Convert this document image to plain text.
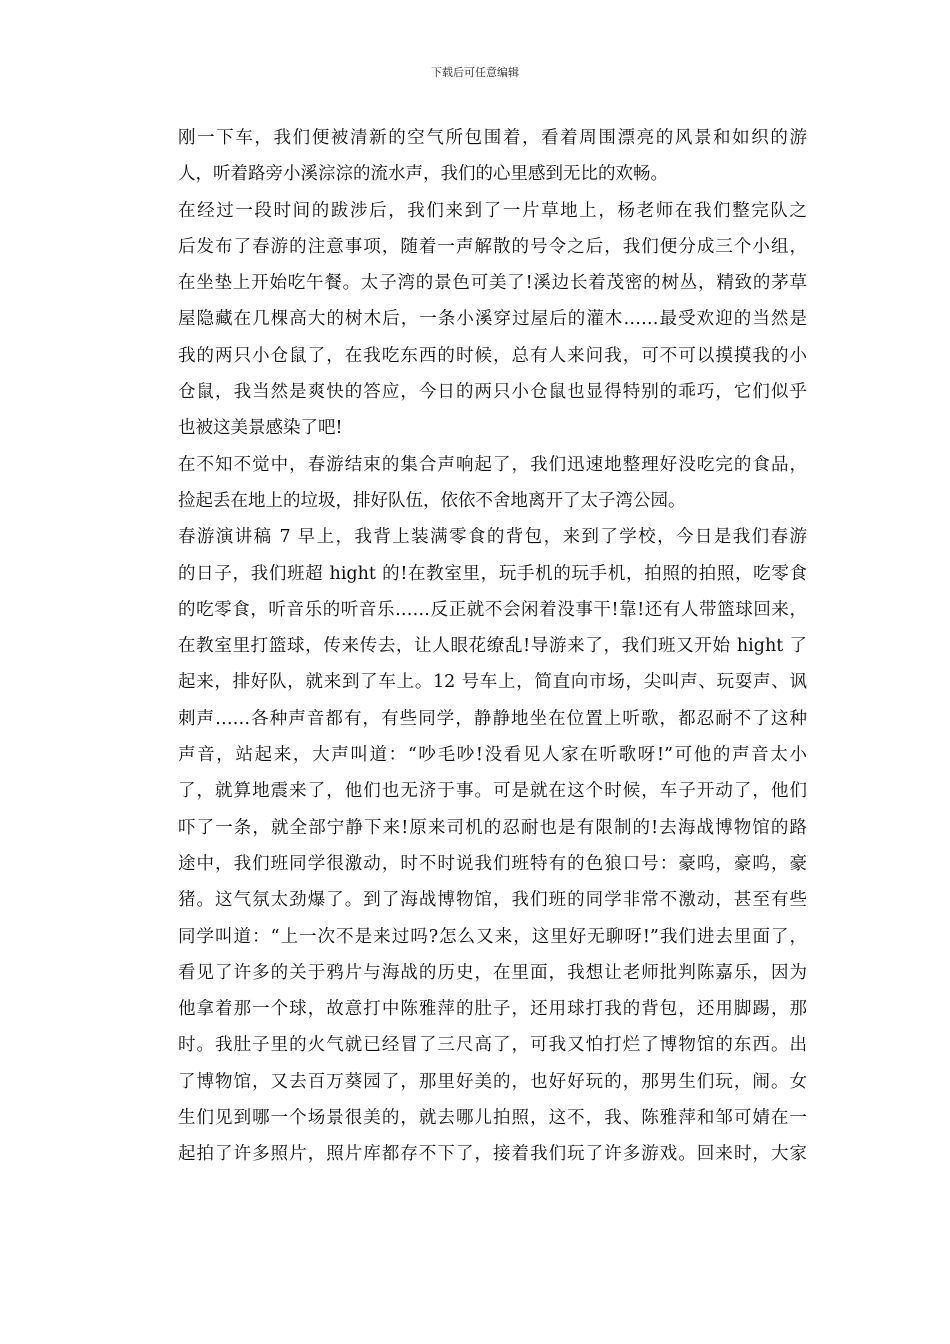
下载后可任意编辑
刚一下车，我们便被清新的空气所包围着，看着周围漂亮的风景和如织的游
人，听着路旁小溪淙淙的流水声，我们的心里感到无比的欢畅。
在经过一段时间的跋涉后，我们来到了一片草地上，杨老师在我们整完队之
后发布了春游的注意事项，随着一声解散的号令之后，我们便分成三个小组，
在坐垫上开始吃午餐。太子湾的景色可美了!溪边长着茂密的树丛，精致的茅草
屋隐藏在几棵高大的树木后，一条小溪穿过屋后的灌木……最受欢迎的当然是
我的两只小仓鼠了，在我吃东西的时候，总有人来问我，可不可以摸摸我的小
仓鼠，我当然是爽快的答应，今日的两只小仓鼠也显得特别的乖巧，它们似乎
也被这美景感染了吧!
在不知不觉中，春游结束的集合声响起了，我们迅速地整理好没吃完的食品，
捡起丢在地上的垃圾，排好队伍，依依不舍地离开了太子湾公园。
春游演讲稿 7 早上，我背上装满零食的背包，来到了学校，今日是我们春游
的日子，我们班超 hight 的!在教室里，玩手机的玩手机，拍照的拍照，吃零食
的吃零食，听音乐的听音乐……反正就不会闲着没事干!靠!还有人带篮球回来，
在教室里打篮球，传来传去，让人眼花缭乱!导游来了，我们班又开始 hight 了
起来，排好队，就来到了车上。12 号车上，简直向市场，尖叫声、玩耍声、讽
刺声……各种声音都有，有些同学，静静地坐在位置上听歌，都忍耐不了这种
声音，站起来，大声叫道：“吵毛吵!没看见人家在听歌呀!”可他的声音太小
了，就算地震来了，他们也无济于事。可是就在这个时候，车子开动了，他们
吓了一条，就全部宁静下来!原来司机的忍耐也是有限制的!去海战博物馆的路
途中，我们班同学很激动，时不时说我们班特有的色狼口号：豪呜，豪呜，豪
猪。这气氛太劲爆了。到了海战博物馆，我们班的同学非常不激动，甚至有些
同学叫道：“上一次不是来过吗?怎么又来，这里好无聊呀!”我们进去里面了，
看见了许多的关于鸦片与海战的历史，在里面，我想让老师批判陈嘉乐，因为
他拿着那一个球，故意打中陈雅萍的肚子，还用球打我的背包，还用脚踢，那
时。我肚子里的火气就已经冒了三尺高了，可我又怕打烂了博物馆的东西。出
了博物馆，又去百万葵园了，那里好美的，也好好玩的，那男生们玩，闹。女
生们见到哪一个场景很美的，就去哪儿拍照，这不，我、陈雅萍和邹可婧在一
起拍了许多照片，照片库都存不下了，接着我们玩了许多游戏。回来时，大家
